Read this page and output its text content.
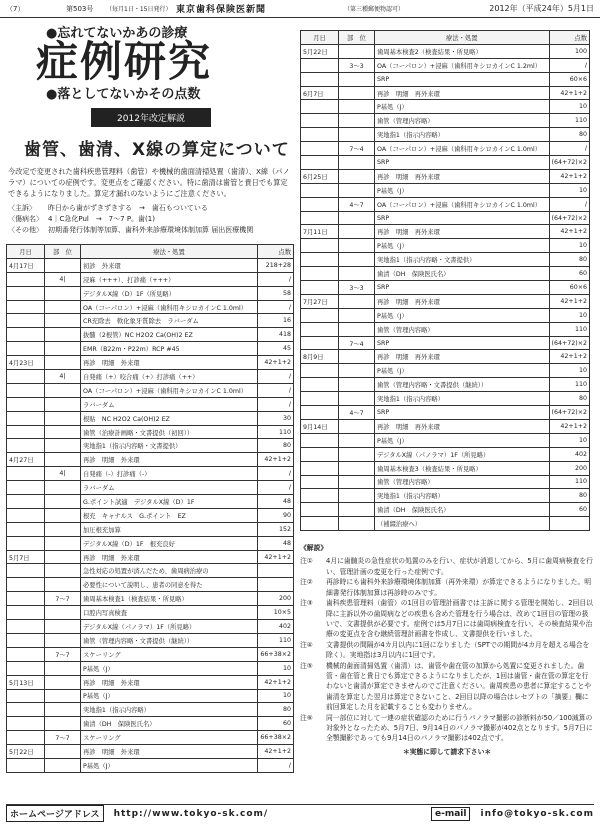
（7）	第503号	（毎月1日・15日発行） 東京歯科保険医新聞	（第三種郵便物認可）	2012年（平成24年）5月1日
●忘れてないかあの診療
症例研究
●落としてないかその点数
2012年改定解説
歯管、歯清、X線の算定について

今改定で変更された歯科疾患管理料（歯管）や機械的歯面清掃処置（歯清）、X線（パノラマ）についての症例です。変更点をご確認ください。特に歯清は歯管と貴日でも算定できるようになりました。算定才漏れのないようにご注意ください。

〈主訴〉	昨日から歯がずきずきする　→　歯石もついている
〈傷病名〉 4｜C急化Pul　→　7〜7 P。歯(1)
〈その他〉 初期番発行体制等加算、歯科外来診療環境体制加算 届出医療機関
月日	部　位	療法・処置	点数
4月17日		初診　外来環	218+28
	4|	浸麻（+++）、打診痛（+++）	/
		デジタルX線（D）1F（所見略）	58
		OA（コーパロン）+浸麻（歯科用キシロカインC 1.0ml）	/
		CR充除去　軟化象牙質除去　ラバーダム	16
		抜髄（2根管）NC H2O2 Ca(OH)2 EZ	418
		EMR（B22m・P22m）RCP #45	45
4月23日		再診　明細　外来環	42+1+2
	4|	自発痛（+）咬合痛（+）打診痛（++）	/
		OA（コーパロン）+浸麻（歯科用キシロカインC 1.0ml）	/
		ラバーダム	/
		根貼　NC H2O2 Ca(OH)2 EZ	30
		歯管（治療計画略・文書提供（初回））	110
		実地指1（指示内容略・文書提供）	80
4月27日		再診　明細　外来環	42+1+2
	4|	自発痛（-）打診痛（-）	/
		ラバーダム	/
		G.ポイント試適　デジタルX線（D）1F	48
		根充　キャナルス　G.ポイント　EZ	90
		加圧根充加算	152
		デジタルX線（D）1F　根充良好	48
5月7日		再診　明細　外来環	42+1+2
		急性対応の処置が済んだため、歯周病治療の	
		必要性について説明し、患者の同意を得た	
	7〜7	歯周基本検査1（検査結果・所見略）	200
		口腔内写真検査	10×5
		デジタルX線（パノラマ）1F（所見略）	402
		歯管（管理内容略・文書提供（継続））	110
	7〜7	スケーリング	66+38×2
		P基処（J）	10
5月13日		再診　明細　外来環	42+1+2
		P基処（J）	10
		実地指1（指示内容略）	80
		歯清（DH　保険医氏名）	60
	7〜7	スケーリング	66+38×2
5月22日		再診　明細　外来環	42+1+2
		P基処（J）	/
月日	部　位	療法・処置	点数
5月22日		歯周基本検査2（検査結果・所見略）	100
	3〜3	OA（コーパロン）+浸麻（歯科用キシロカインC 1.2ml）	/
		SRP	60×6
6月7日		再診　明細　再外来環	42+1+2
		P基処（J）	10
		歯管（管理内容略）	110
		実地指1（指示内容略）	80
	7〜4	OA（コーパロン）+浸麻（歯科用キシロカインC 1.0ml）	/
		SRP	(64+72)×2
6月25日		再診　明細　再外来環	42+1+2
		P基処（J）	10
	4〜7	OA（コーパロン）+浸麻（歯科用キシロカインC 1.0ml）	/
		SRP	(64+72)×2
7月11日		再診　明細　再外来環	42+1+2
		P基処（J）	10
		実地指1（指示内容略・文書提供）	80
		歯清（DH　保険医氏名）	60
	3〜3	SRP	60×6
7月27日		再診　明細　再外来環	42+1+2
		P基処（J）	10
		歯管（管理内容略）	110
	7〜4	SRP	(64+72)×2
8月9日		再診　明細　再外来環	42+1+2
		P基処（J）	10
		歯管（管理内容略・文書提供（継続））	110
		実地指1（指示内容略）	80
	4〜7	SRP	(64+72)×2
9月14日		再診　明細　再外来環	42+1+2
		P基処（J）	10
		デジタルX線（パノラマ）1F（所見略）	402
		歯周基本検査3（検査結果・所見略）	200
		歯管（管理内容略）	110
		実地指1（指示内容略）	80
		歯清（DH　保険医氏名）	60
		（補綴治療へ）	
《解説》
注①	4月に歯髄炎の急性症状の処置のみを行い、症状が消退してから、5月に歯周病検査を行い、管理計画の変更を行った症例です。
注②	再診時にも歯科外来診療環境体制加算（再外来環）が算定できるようになりました。明細書発行体制加算は再診時のみです。
注③	歯科疾患管理料（歯管）の1回目の管理計画書では主訴に関する管理を開始し、2回目以降に主訴以外の歯周病などの疾患も含めた管理を行う場合は、改めて1回目の管理の扱いで、文書提供が必要です。症例では5月7日には歯周病検査を行い、その検査結果や治療の変更点を含む継続管理計画書を作成し、文書提供を行いました。
注④	文書提供の間隔が4カ月以内に1回になりました（SPTでの期間が4カ月を超える場合を除く）。実地指は3月以内に1回です。
注⑤	機械的歯面清掃処置（歯清）は、歯管や歯在管の加算から処置に変更されました。歯管・歯在管と貴日でも算定できるようになりましたが、1回は歯管・歯在管の算定を行わないと歯清が算定できませんのでご注意ください。歯周疾患の患者に算定することや歯清を算定した翌月は算定できないこと、2回目以降の場合はレセプトの「摘要」欄に前回算定した月を記載することも変わりません。
注⑥	同一部位に対して一連の症状確認のために行うパノラマ撮影の診断料が50／100減算の対象外となったため、5月7日、9月14日のパノラマ撮影が402点となります。5月7日に全顎撮影であっても9月14日のパノラマ撮影は402点です。
＊実態に即して請求下さい＊
ホームページアドレス	http://www.tokyo-sk.com/	e-mail	info@tokyo-sk.com
